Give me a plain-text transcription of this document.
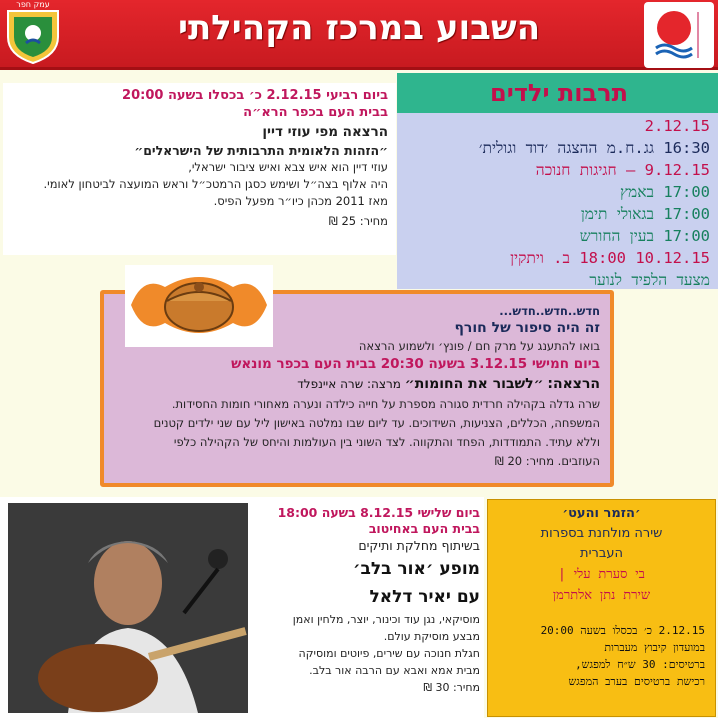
עמק חפר
השבוע במרכז הקהילתי
ביום רביעי 2.12.15 כ׳ בכסלו בשעה 20:00
בבית העם בכפר הרא״ה
הרצאה מפי עוזי דיין
״הזהות הלאומית התרבותית של הישראלים״
עוזי דיין הוא איש צבא ואיש ציבור ישראלי,
היה אלוף בצה״ל ושימש כסגן הרמטכ״ל וראש המועצה לביטחון לאומי.
מאז 2011 מכהן כיו״ר מפעל הפיס.
מחיר: 25 ₪
תרבות ילדים
2.12.15
16:30 גג.ח.מ ההצגה ׳דוד וגולית׳
9.12.15 – חגיגות חנוכה
17:00 באמץ
17:00 בגאולי תימן
17:00 בעין החורש
10.12.15 18:00 ב. ויתקין
מצעד הלפיד לנוער
חדש..חדש..חדש...
זה היה סיפור של חורף
בואו להתענג על מרק חם / פונץ׳ ולשמוע הרצאה
ביום חמישי 3.12.15 בשעה 20:30 בבית העם בכפר מונאש
הרצאה: ״לשבור את החומות״ מרצה: שרה איינפלד
שרה גדלה בקהילה חרדית סגורה מספרת על חייה כילדה ונערה מאחורי חומות החסידות.
המשפחה, הכללים, הצניעות, השידוכים. עד ליום שבו נמלטה באישון ליל עם שני ילדים קטנים
וללא עתיד. התמודדות, הפחד והתקווה. לצד השוני בין העולמות והיחס של הקהילה כלפי
העוזבים. מחיר: 20 ₪
ביום שלישי 8.12.15 בשעה 18:00
בבית העם באחיטוב
בשיתוף מחלקת ותיקים
מופע ׳אור בלב׳
עם יאיר דלאל
מוסיקאי, נגן עוד וכינור, יוצר, מלחין ואמן
מבצע מוסיקת עולם.
חגלת חנוכה עם שירים, פיוטים ומוסיקה
מבית אמא ואבא עם הרבה אור בלב.
מחיר: 30 ₪
׳הזמר והעט׳
שירה מולחנת בספרות
העברית
בי סערת עלי |
שירת נתן אלתרמן
2.12.15 כ׳ בכסלו בשעה 20:00
במועדון קיבוץ מעברות
ברטיסים: 30 ש״ח למפגש,
רכישת ברטיסים בערב המפגש
